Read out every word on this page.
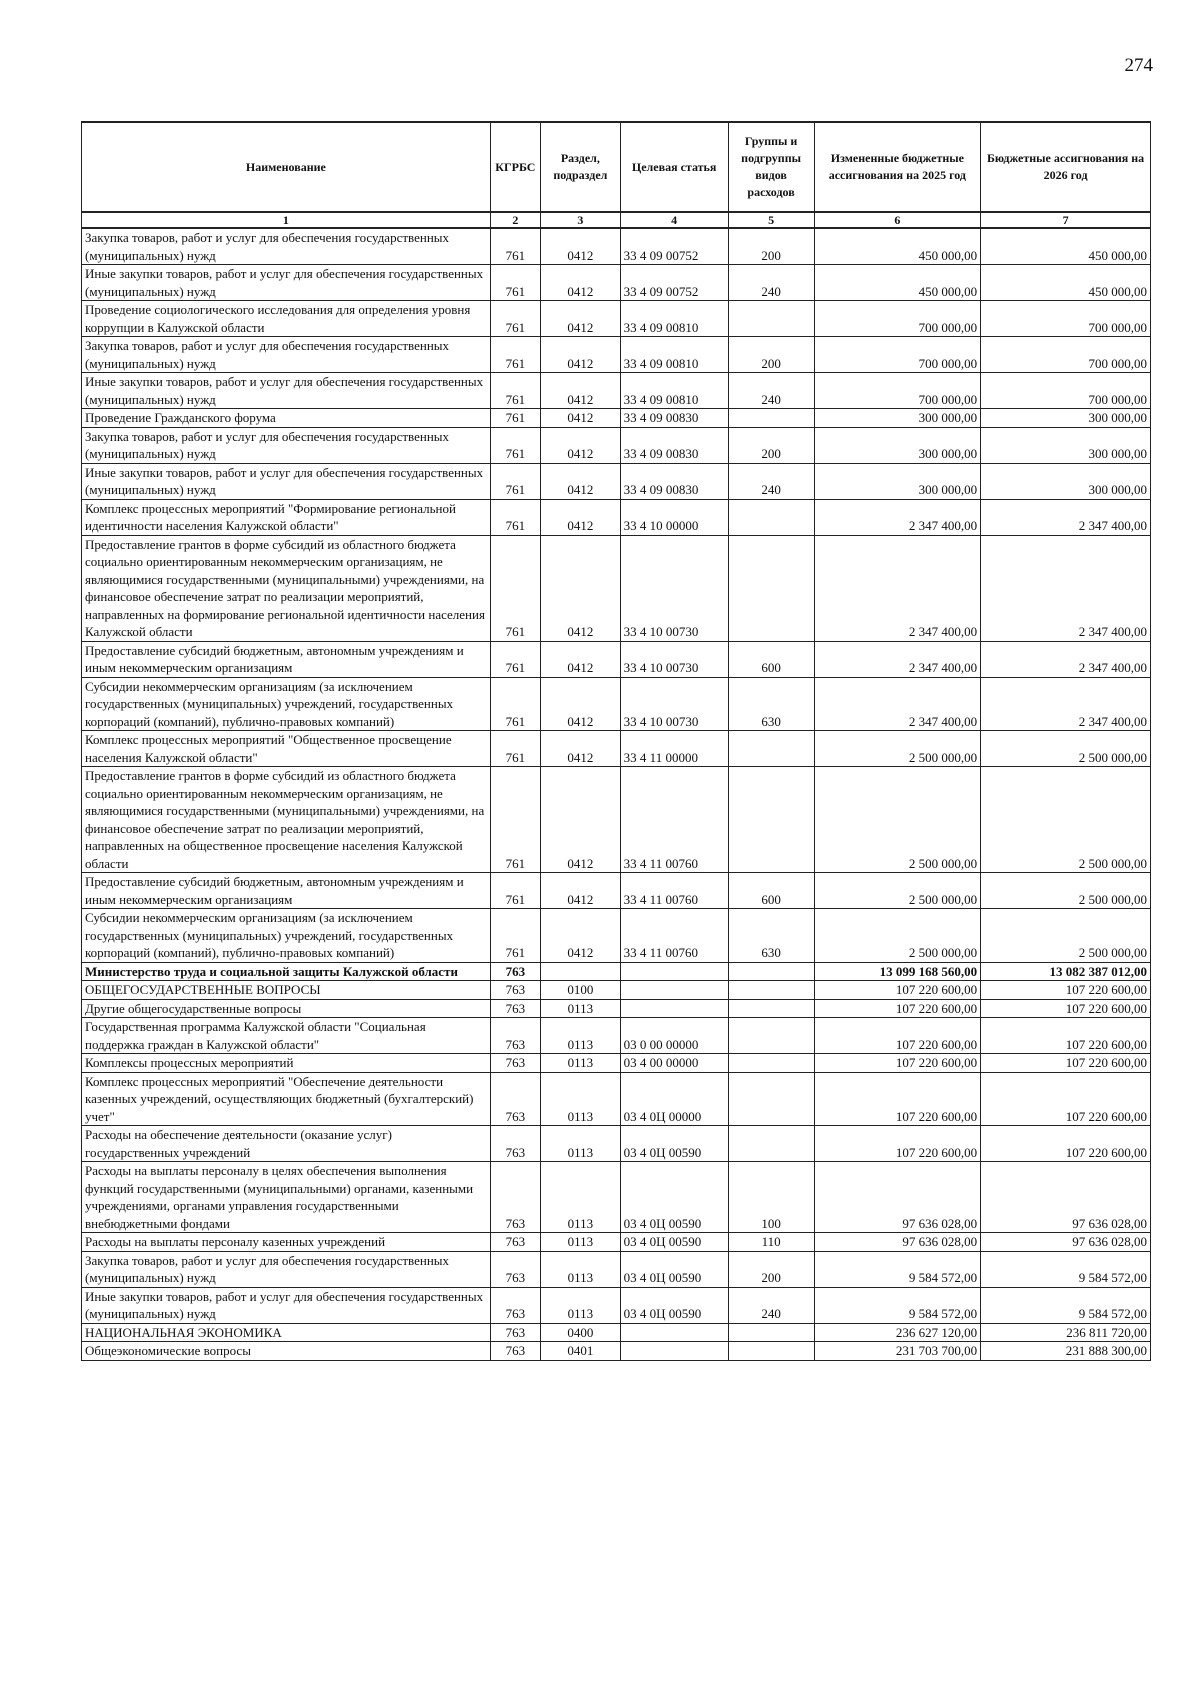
274
Наименование	КГРБС	Раздел, подраздел	Целевая статья	Группы и подгруппы видов расходов	Измененные бюджетные ассигнования на 2025 год	Бюджетные ассигнования на 2026 год
1	2	3	4	5	6	7
Закупка товаров, работ и услуг для обеспечения государственных (муниципальных) нужд	761	0412	33 4 09 00752	200	450 000,00	450 000,00
Иные закупки товаров, работ и услуг для обеспечения государственных (муниципальных) нужд	761	0412	33 4 09 00752	240	450 000,00	450 000,00
Проведение социологического исследования для определения уровня коррупции в Калужской области	761	0412	33 4 09 00810		700 000,00	700 000,00
Закупка товаров, работ и услуг для обеспечения государственных (муниципальных) нужд	761	0412	33 4 09 00810	200	700 000,00	700 000,00
Иные закупки товаров, работ и услуг для обеспечения государственных (муниципальных) нужд	761	0412	33 4 09 00810	240	700 000,00	700 000,00
Проведение Гражданского форума	761	0412	33 4 09 00830		300 000,00	300 000,00
Закупка товаров, работ и услуг для обеспечения государственных (муниципальных) нужд	761	0412	33 4 09 00830	200	300 000,00	300 000,00
Иные закупки товаров, работ и услуг для обеспечения государственных (муниципальных) нужд	761	0412	33 4 09 00830	240	300 000,00	300 000,00
Комплекс процессных мероприятий "Формирование региональной идентичности населения Калужской области"	761	0412	33 4 10 00000		2 347 400,00	2 347 400,00
Предоставление грантов в форме субсидий из областного бюджета социально ориентированным некоммерческим организациям, не являющимися государственными (муниципальными) учреждениями, на финансовое обеспечение затрат по реализации мероприятий, направленных на формирование региональной идентичности населения Калужской области	761	0412	33 4 10 00730		2 347 400,00	2 347 400,00
Предоставление субсидий бюджетным, автономным учреждениям и иным некоммерческим организациям	761	0412	33 4 10 00730	600	2 347 400,00	2 347 400,00
Субсидии некоммерческим организациям (за исключением государственных (муниципальных) учреждений, государственных корпораций (компаний), публично-правовых компаний)	761	0412	33 4 10 00730	630	2 347 400,00	2 347 400,00
Комплекс процессных мероприятий "Общественное просвещение населения Калужской области"	761	0412	33 4 11 00000		2 500 000,00	2 500 000,00
Предоставление грантов в форме субсидий из областного бюджета социально ориентированным некоммерческим организациям, не являющимися государственными (муниципальными) учреждениями, на финансовое обеспечение затрат по реализации мероприятий, направленных на общественное просвещение населения Калужской области	761	0412	33 4 11 00760		2 500 000,00	2 500 000,00
Предоставление субсидий бюджетным, автономным учреждениям и иным некоммерческим организациям	761	0412	33 4 11 00760	600	2 500 000,00	2 500 000,00
Субсидии некоммерческим организациям (за исключением государственных (муниципальных) учреждений, государственных корпораций (компаний), публично-правовых компаний)	761	0412	33 4 11 00760	630	2 500 000,00	2 500 000,00
Министерство труда и социальной защиты Калужской области	763				13 099 168 560,00	13 082 387 012,00
ОБЩЕГОСУДАРСТВЕННЫЕ ВОПРОСЫ	763	0100			107 220 600,00	107 220 600,00
Другие общегосударственные вопросы	763	0113			107 220 600,00	107 220 600,00
Государственная программа Калужской области "Социальная поддержка граждан в Калужской области"	763	0113	03 0 00 00000		107 220 600,00	107 220 600,00
Комплексы процессных мероприятий	763	0113	03 4 00 00000		107 220 600,00	107 220 600,00
Комплекс процессных мероприятий "Обеспечение деятельности казенных учреждений, осуществляющих бюджетный (бухгалтерский) учет"	763	0113	03 4 0Ц 00000		107 220 600,00	107 220 600,00
Расходы на обеспечение деятельности (оказание услуг) государственных учреждений	763	0113	03 4 0Ц 00590		107 220 600,00	107 220 600,00
Расходы на выплаты персоналу в целях обеспечения выполнения функций государственными (муниципальными) органами, казенными учреждениями, органами управления государственными внебюджетными фондами	763	0113	03 4 0Ц 00590	100	97 636 028,00	97 636 028,00
Расходы на выплаты персоналу казенных учреждений	763	0113	03 4 0Ц 00590	110	97 636 028,00	97 636 028,00
Закупка товаров, работ и услуг для обеспечения государственных (муниципальных) нужд	763	0113	03 4 0Ц 00590	200	9 584 572,00	9 584 572,00
Иные закупки товаров, работ и услуг для обеспечения государственных (муниципальных) нужд	763	0113	03 4 0Ц 00590	240	9 584 572,00	9 584 572,00
НАЦИОНАЛЬНАЯ ЭКОНОМИКА	763	0400			236 627 120,00	236 811 720,00
Общеэкономические вопросы	763	0401			231 703 700,00	231 888 300,00
